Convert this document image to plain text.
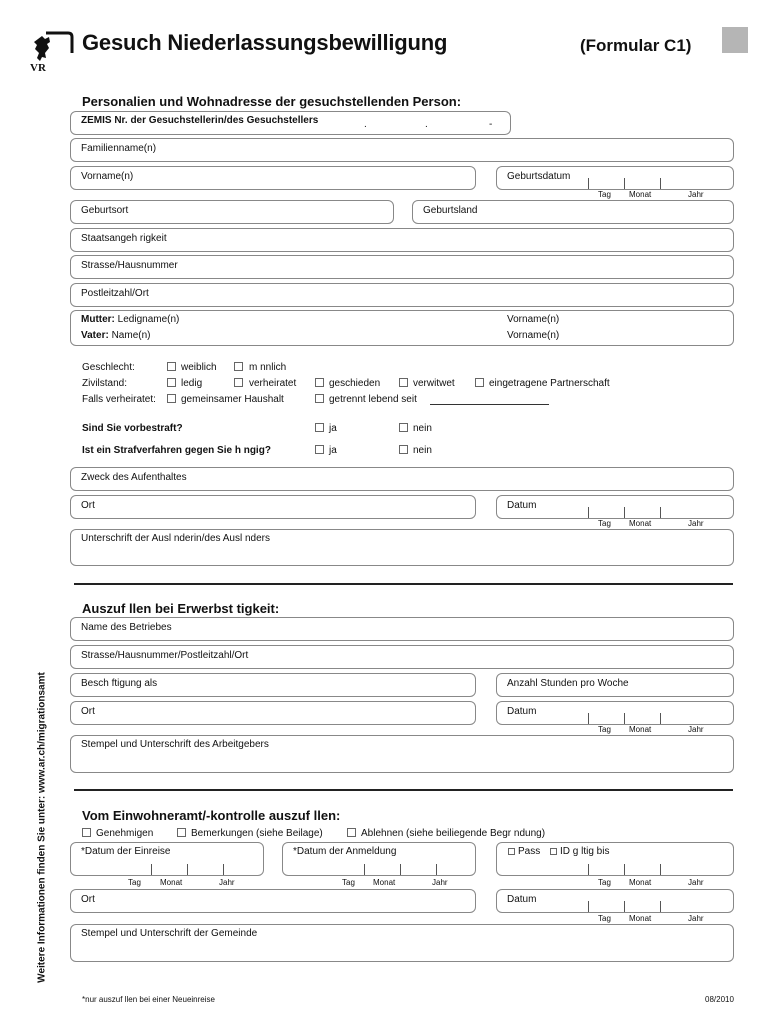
VR
Gesuch Niederlassungsbewilligung	(Formular C1)
Personalien und Wohnadresse der gesuchstellenden Person:
ZEMIS Nr. der Gesuchstellerin/des Gesuchstellers	.	.	-
Familienname(n)
Vorname(n)	Geburtsdatum
Tag Monat	Jahr
Geburtsort	Geburtsland
Staatsangeh rigkeit
Strasse/Hausnummer
Postleitzahl/Ort
Mutter: Ledigname(n)	Vorname(n)
Vater: Name(n)	Vorname(n)
Geschlecht:	weiblich	m nnlich
Zivilstand:	ledig	verheiratet	geschieden	verwitwet	eingetragene Partnerschaft
Falls verheiratet:	gemeinsamer Haushalt	getrennt lebend seit
Sind Sie vorbestraft?	ja	nein
Ist ein Strafverfahren gegen Sie h ngig?	ja	nein
Zweck des Aufenthaltes
Ort	Datum
Tag Monat	Jahr
Unterschrift der Ausl nderin/des Ausl nders
Auszuf llen bei Erwerbst tigkeit:
Name des Betriebes
Strasse/Hausnummer/Postleitzahl/Ort
Besch ftigung als	Anzahl Stunden pro Woche
Ort	Datum
Tag Monat	Jahr
Stempel und Unterschrift des Arbeitgebers
Vom Einwohneramt/-kontrolle auszuf llen:
Genehmigen	Bemerkungen (siehe Beilage)	Ablehnen (siehe beiliegende Begr ndung)
*Datum der Einreise	*Datum der Anmeldung	Pass ID g ltig bis
Tag Monat	Jahr	Tag Monat	Jahr	Tag Monat	Jahr
Ort	Datum
Tag Monat	Jahr
Stempel und Unterschrift der Gemeinde
*nur auszuf llen bei einer Neueinreise	08/2010
Weitere Informationen finden Sie unter: www.ar.ch/migrationsamt
